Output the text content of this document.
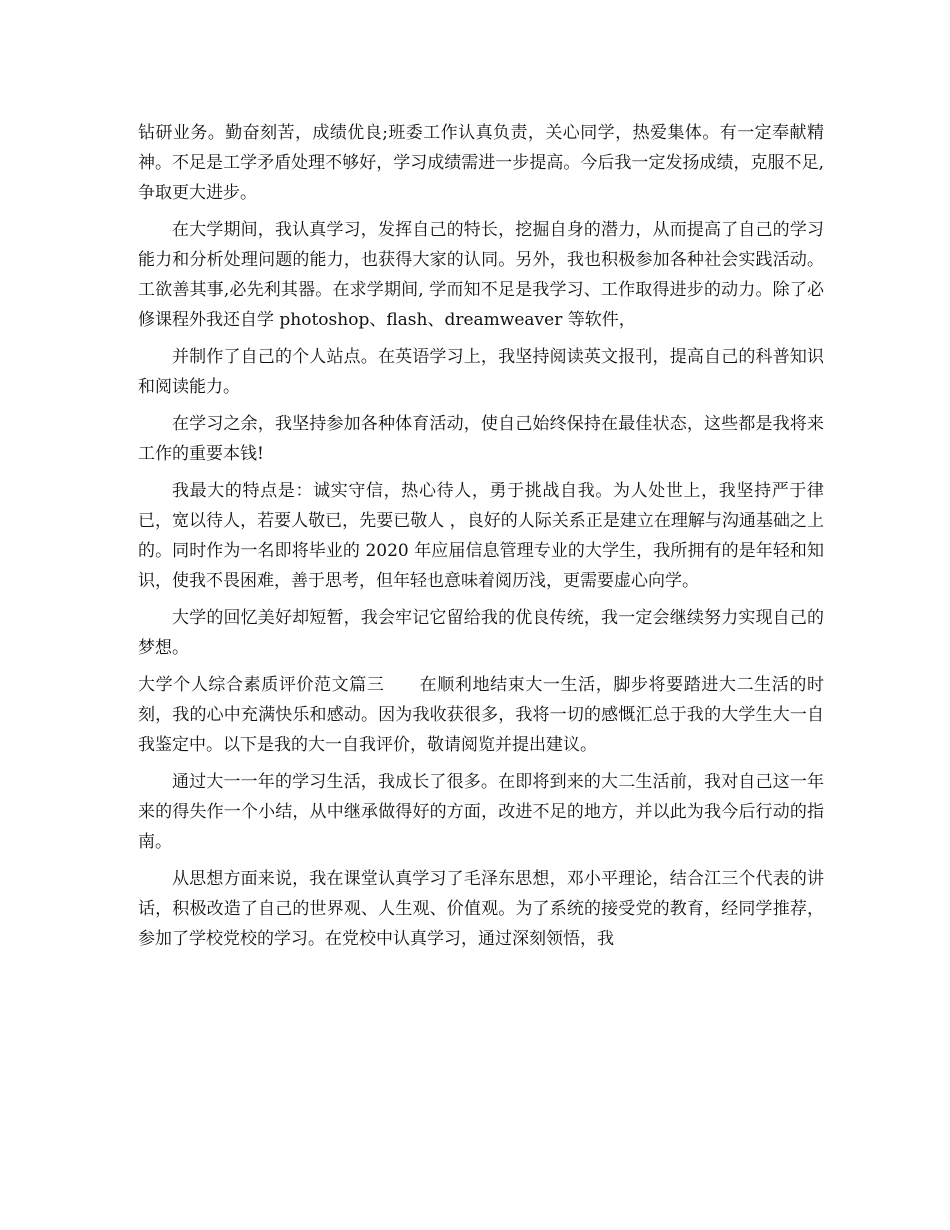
钻研业务。勤奋刻苦，成绩优良;班委工作认真负责，关心同学，热爱集体。有一定奉献精神。不足是工学矛盾处理不够好，学习成绩需进一步提高。今后我一定发扬成绩，克服不足,争取更大进步。

在大学期间，我认真学习，发挥自己的特长，挖掘自身的潜力，从而提高了自己的学习能力和分析处理问题的能力，也获得大家的认同。另外，我也积极参加各种社会实践活动。工欲善其事,必先利其器。在求学期间, 学而知不足是我学习、工作取得进步的动力。除了必修课程外我还自学 photoshop、flash、dreamweaver 等软件，

并制作了自己的个人站点。在英语学习上，我坚持阅读英文报刊，提高自己的科普知识和阅读能力。

在学习之余，我坚持参加各种体育活动，使自己始终保持在最佳状态，这些都是我将来工作的重要本钱!

我最大的特点是：诚实守信，热心待人，勇于挑战自我。为人处世上，我坚持严于律已，宽以待人，若要人敬已，先要已敬人 ，良好的人际关系正是建立在理解与沟通基础之上的。同时作为一名即将毕业的 2020 年应届信息管理专业的大学生，我所拥有的是年轻和知识，使我不畏困难，善于思考，但年轻也意味着阅历浅，更需要虚心向学。

大学的回忆美好却短暂，我会牢记它留给我的优良传统，我一定会继续努力实现自己的梦想。

大学个人综合素质评价范文篇三　　在顺利地结束大一生活，脚步将要踏进大二生活的时刻，我的心中充满快乐和感动。因为我收获很多，我将一切的感慨汇总于我的大学生大一自我鉴定中。以下是我的大一自我评价，敬请阅览并提出建议。

通过大一一年的学习生活，我成长了很多。在即将到来的大二生活前，我对自己这一年来的得失作一个小结，从中继承做得好的方面，改进不足的地方，并以此为我今后行动的指南。

从思想方面来说，我在课堂认真学习了毛泽东思想，邓小平理论，结合江三个代表的讲话，积极改造了自己的世界观、人生观、价值观。为了系统的接受党的教育，经同学推荐，参加了学校党校的学习。在党校中认真学习，通过深刻领悟，我
